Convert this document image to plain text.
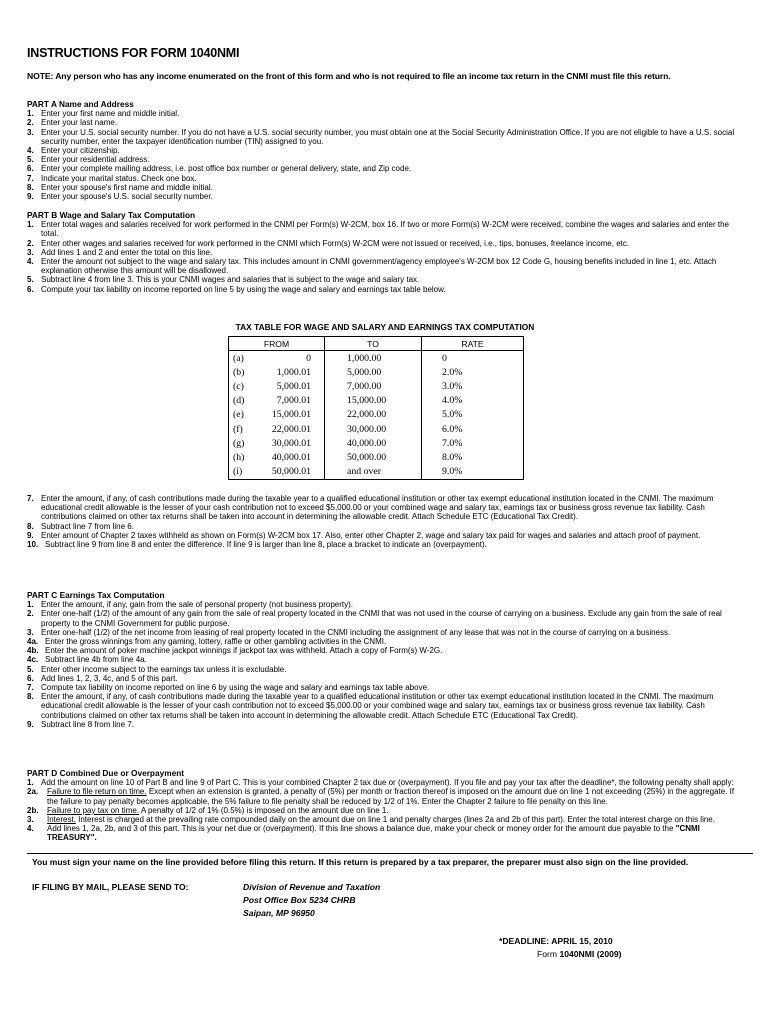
INSTRUCTIONS FOR FORM 1040NMI
NOTE: Any person who has any income enumerated on the front of this form and who is not required to file an income tax return in the CNMI must file this return.
PART A Name and Address
1. Enter your first name and middle initial.
2. Enter your last name.
3. Enter your U.S. social security number. If you do not have a U.S. social security number, you must obtain one at the Social Security Administration Office. If you are not eligible to have a U.S. social security number, enter the taxpayer identification number (TIN) assigned to you.
4. Enter your citizenship.
5. Enter your residential address.
6. Enter your complete mailing address, i.e. post office box number or general delivery, state, and Zip code.
7. Indicate your marital status. Check one box.
8. Enter your spouse's first name and middle initial.
9. Enter your spouse's U.S. social security number.
PART B Wage and Salary Tax Computation
1. Enter total wages and salaries received for work performed in the CNMI per Form(s) W-2CM, box 16. If two or more Form(s) W-2CM were received, combine the wages and salaries and enter the total.
2. Enter other wages and salaries received for work performed in the CNMI which Form(s) W-2CM were not issued or received, i.e., tips, bonuses, freelance income, etc.
3. Add lines 1 and 2 and enter the total on this line.
4. Enter the amount not subject to the wage and salary tax. This includes amount in CNMI government/agency employee's W-2CM box 12 Code G, housing benefits included in line 1, etc. Attach explanation otherwise this amount will be disallowed.
5. Subtract line 4 from line 3. This is your CNMI wages and salaries that is subject to the wage and salary tax.
6. Compute your tax liability on income reported on line 5 by using the wage and salary and earnings tax table below.
TAX TABLE FOR WAGE AND SALARY AND EARNINGS TAX COMPUTATION
FROM	TO	RATE
(a) 0	1,000.00	0
(b) 1,000.01	5,000.00	2.0%
(c) 5,000.01	7,000.00	3.0%
(d) 7,000.01	15,000.00	4.0%
(e) 15,000.01	22,000.00	5.0%
(f) 22,000.01	30,000.00	6.0%
(g) 30,000.01	40,000.00	7.0%
(h) 40,000.01	50,000.00	8.0%
(i) 50,000.01	and over	9.0%
7. Enter the amount, if any, of cash contributions made during the taxable year to a qualified educational institution or other tax exempt educational institution located in the CNMI. The maximum educational credit allowable is the lesser of your cash contribution not to exceed $5,000.00 or your combined wage and salary tax, earnings tax or business gross revenue tax liability. Cash contributions claimed on other tax returns shall be taken into account in determining the allowable credit. Attach Schedule ETC (Educational Tax Credit).
8. Subtract line 7 from line 6.
9. Enter amount of Chapter 2 taxes withheld as shown on Form(s) W-2CM box 17. Also, enter other Chapter 2, wage and salary tax paid for wages and salaries and attach proof of payment.
10. Subtract line 9 from line 8 and enter the difference. If line 9 is larger than line 8, place a bracket to indicate an (overpayment).
PART C Earnings Tax Computation
1. Enter the amount, if any, gain from the sale of personal property (not business property).
2. Enter one-half (1/2) of the amount of any gain from the sale of real property located in the CNMI that was not used in the course of carrying on a business. Exclude any gain from the sale of real property to the CNMI Government for public purpose.
3. Enter one-half (1/2) of the net income from leasing of real property located in the CNMI including the assignment of any lease that was not in the course of carrying on a business.
4a. Enter the gross winnings from any gaming, lottery, raffle or other gambling activities in the CNMI.
4b. Enter the amount of poker machine jackpot winnings if jackpot tax was withheld. Attach a copy of Form(s) W-2G.
4c. Subtract line 4b from line 4a.
5. Enter other income subject to the earnings tax unless it is excludable.
6. Add lines 1, 2, 3, 4c, and 5 of this part.
7. Compute tax liability on income reported on line 6 by using the wage and salary and earnings tax table above.
8. Enter the amount, if any, of cash contributions made during the taxable year to a qualified educational institution or other tax exempt educational institution located in the CNMI. The maximum educational credit allowable is the lesser of your cash contribution not to exceed $5,000.00 or your combined wage and salary tax, earnings tax or business gross revenue tax liability. Cash contributions claimed on other tax returns shall be taken into account in determining the allowable credit. Attach Schedule ETC (Educational Tax Credit).
9. Subtract line 8 from line 7.
PART D Combined Due or Overpayment
1. Add the amount on line 10 of Part B and line 9 of Part C. This is your combined Chapter 2 tax due or (overpayment). If you file and pay your tax after the deadline*, the following penalty shall apply:
2a.	Failure to file return on time. Except when an extension is granted, a penalty of (5%) per month or fraction thereof is imposed on the amount due on line 1 not exceeding (25%) in the aggregate. If the failure to pay penalty becomes applicable, the 5% failure to file penalty shall be reduced by 1/2 of 1%. Enter the Chapter 2 failure to file penalty on this line.
2b.	Failure to pay tax on time. A penalty of 1/2 of 1% (0.5%) is imposed on the amount due on line 1.
3.	Interest. Interest is charged at the prevailing rate compounded daily on the amount due on line 1 and penalty charges (lines 2a and 2b of this part). Enter the total interest charge on this line.
4.	Add lines 1, 2a, 2b, and 3 of this part. This is your net due or (overpayment). If this line shows a balance due, make your check or money order for the amount due payable to the "CNMI TREASURY".
You must sign your name on the line provided before filing this return. If this return is prepared by a tax preparer, the preparer must also sign on the line provided.
IF FILING BY MAIL, PLEASE SEND TO:	Division of Revenue and Taxation
Post Office Box 5234 CHRB
Saipan, MP 96950
*DEADLINE: APRIL 15, 2010
Form 1040NMI (2009)
